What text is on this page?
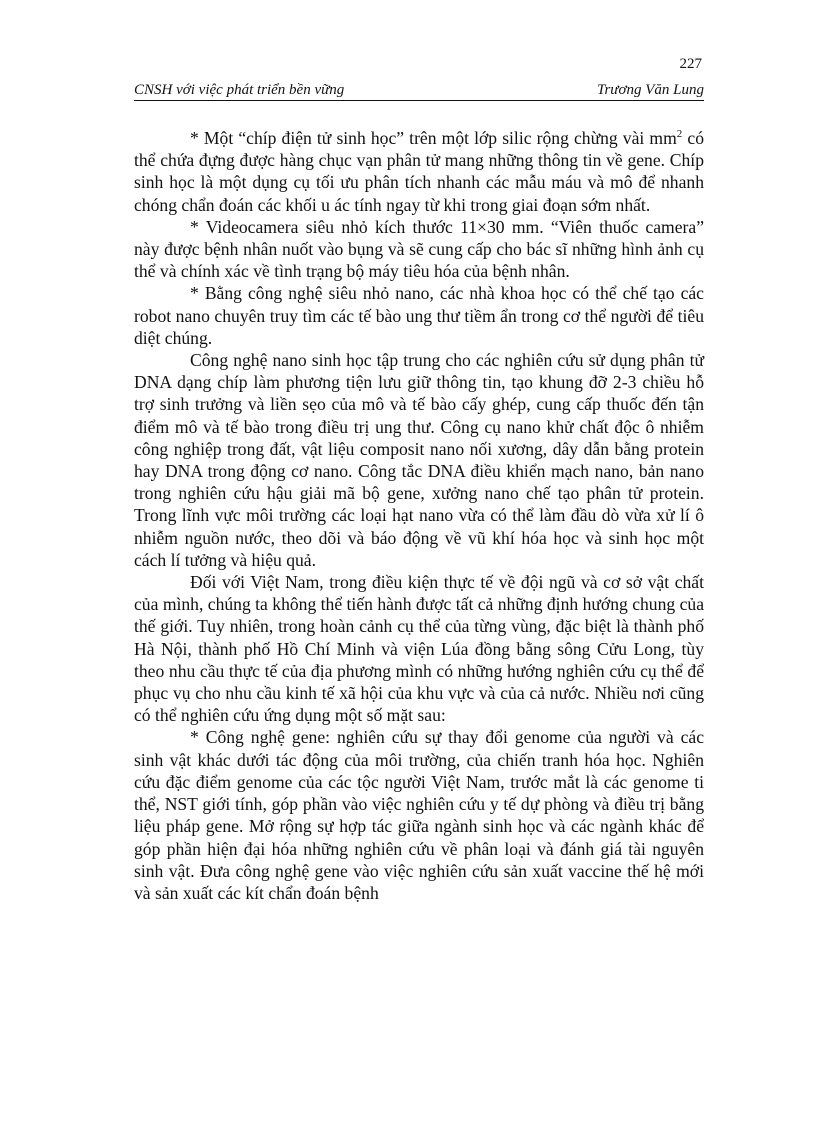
227
CNSH với việc phát triển bền vững	Trương Văn Lung

* Một “chíp điện tử sinh học” trên một lớp silic rộng chừng vài $mm^2$ có thể chứa đựng được hàng chục vạn phân tử mang những thông tin về gene. Chíp sinh học là một dụng cụ tối ưu phân tích nhanh các mẫu máu và mô để nhanh chóng chẩn đoán các khối u ác tính ngay từ khi trong giai đoạn sớm nhất.

* Videocamera siêu nhỏ kích thước 11×30 mm. “Viên thuốc camera” này được bệnh nhân nuốt vào bụng và sẽ cung cấp cho bác sĩ những hình ảnh cụ thể và chính xác về tình trạng bộ máy tiêu hóa của bệnh nhân.

* Bằng công nghệ siêu nhỏ nano, các nhà khoa học có thể chế tạo các robot nano chuyên truy tìm các tế bào ung thư tiềm ẩn trong cơ thể người để tiêu diệt chúng.

Công nghệ nano sinh học tập trung cho các nghiên cứu sử dụng phân tử DNA dạng chíp làm phương tiện lưu giữ thông tin, tạo khung đỡ 2-3 chiều hỗ trợ sinh trưởng và liền sẹo của mô và tế bào cấy ghép, cung cấp thuốc đến tận điểm mô và tế bào trong điều trị ung thư. Công cụ nano khử chất độc ô nhiễm công nghiệp trong đất, vật liệu composit nano nối xương, dây dẫn bằng protein hay DNA trong động cơ nano. Công tắc DNA điều khiển mạch nano, bản nano trong nghiên cứu hậu giải mã bộ gene, xưởng nano chế tạo phân tử protein. Trong lĩnh vực môi trường các loại hạt nano vừa có thể làm đầu dò vừa xử lí ô nhiễm nguồn nước, theo dõi và báo động về vũ khí hóa học và sinh học một cách lí tưởng và hiệu quả.

Đối với Việt Nam, trong điều kiện thực tế về đội ngũ và cơ sở vật chất của mình, chúng ta không thể tiến hành được tất cả những định hướng chung của thế giới. Tuy nhiên, trong hoàn cảnh cụ thể của từng vùng, đặc biệt là thành phố Hà Nội, thành phố Hồ Chí Minh và viện Lúa đồng bằng sông Cửu Long, tùy theo nhu cầu thực tế của địa phương mình có những hướng nghiên cứu cụ thể để phục vụ cho nhu cầu kinh tế xã hội của khu vực và của cả nước. Nhiều nơi cũng có thể nghiên cứu ứng dụng một số mặt sau:

* Công nghệ gene: nghiên cứu sự thay đổi genome của người và các sinh vật khác dưới tác động của môi trường, của chiến tranh hóa học. Nghiên cứu đặc điểm genome của các tộc người Việt Nam, trước mắt là các genome ti thể, NST giới tính, góp phần vào việc nghiên cứu y tế dự phòng và điều trị bằng liệu pháp gene. Mở rộng sự hợp tác giữa ngành sinh học và các ngành khác để góp phần hiện đại hóa những nghiên cứu về phân loại và đánh giá tài nguyên sinh vật. Đưa công nghệ gene vào việc nghiên cứu sản xuất vaccine thế hệ mới và sản xuất các kít chẩn đoán bệnh
